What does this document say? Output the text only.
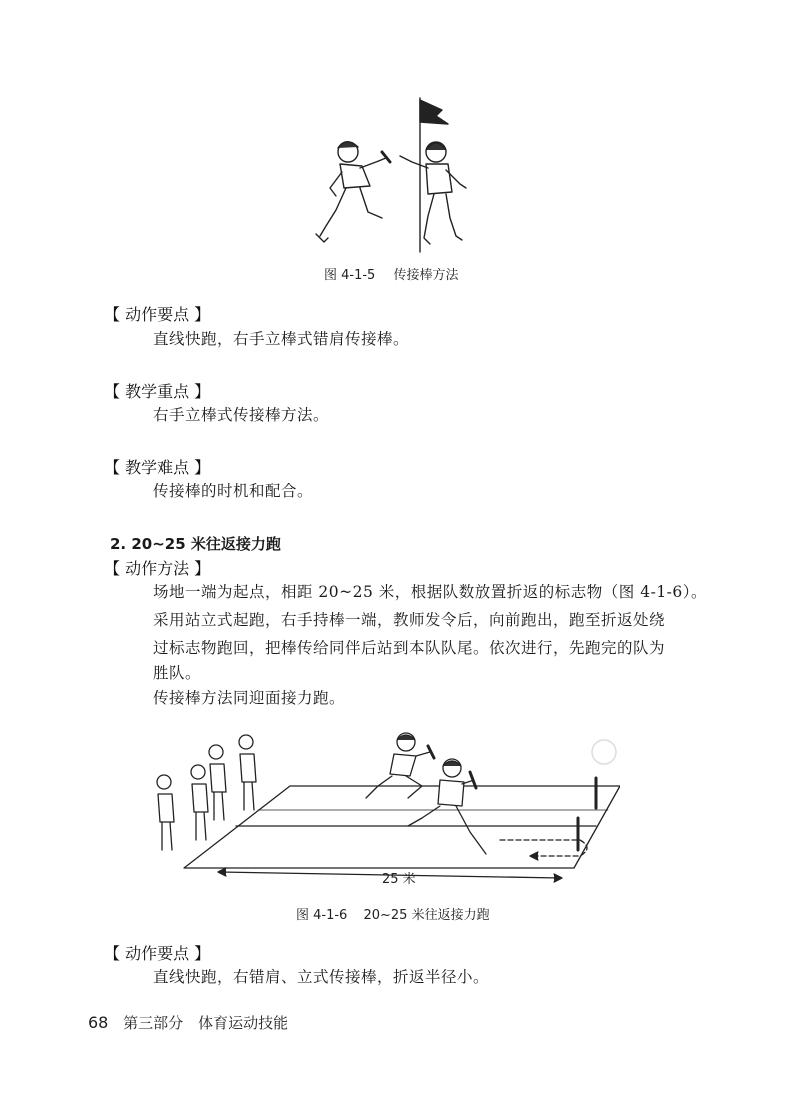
图 4-1-5 传接棒方法
【 动作要点 】
直线快跑，右手立棒式错肩传接棒。
【 教学重点 】
右手立棒式传接棒方法。
【 教学难点 】
传接棒的时机和配合。
2. 20~25 米往返接力跑
【 动作方法 】
场地一端为起点，相距 20~25 米，根据队数放置折返的标志物（图 4-1-6）。
采用站立式起跑，右手持棒一端，教师发令后，向前跑出，跑至折返处绕
过标志物跑回，把棒传给同伴后站到本队队尾。依次进行，先跑完的队为
胜队。
传接棒方法同迎面接力跑。
25 米
图 4-1-6 20~25 米往返接力跑
【 动作要点 】
直线快跑，右错肩、立式传接棒，折返半径小。
68 第三部分　体育运动技能
